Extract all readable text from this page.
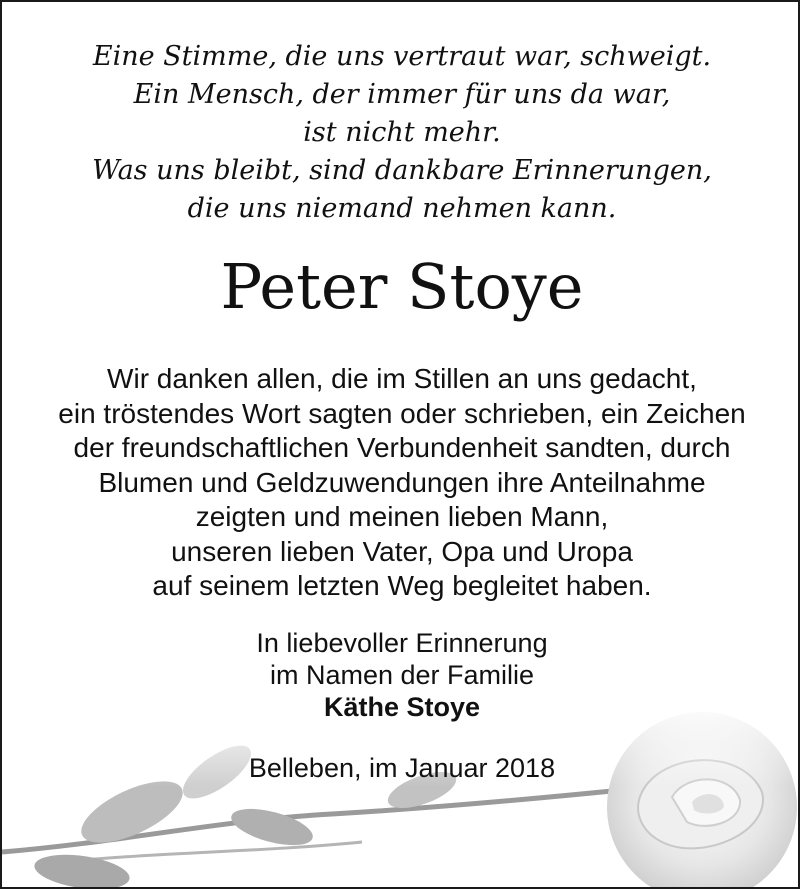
Eine Stimme, die uns vertraut war, schweigt.
Ein Mensch, der immer für uns da war,
ist nicht mehr.
Was uns bleibt, sind dankbare Erinnerungen,
die uns niemand nehmen kann.
Peter Stoye
Wir danken allen, die im Stillen an uns gedacht,
ein tröstendes Wort sagten oder schrieben, ein Zeichen
der freundschaftlichen Verbundenheit sandten, durch
Blumen und Geldzuwendungen ihre Anteilnahme
zeigten und meinen lieben Mann,
unseren lieben Vater, Opa und Uropa
auf seinem letzten Weg begleitet haben.
In liebevoller Erinnerung
im Namen der Familie
Käthe Stoye
Belleben, im Januar 2018
